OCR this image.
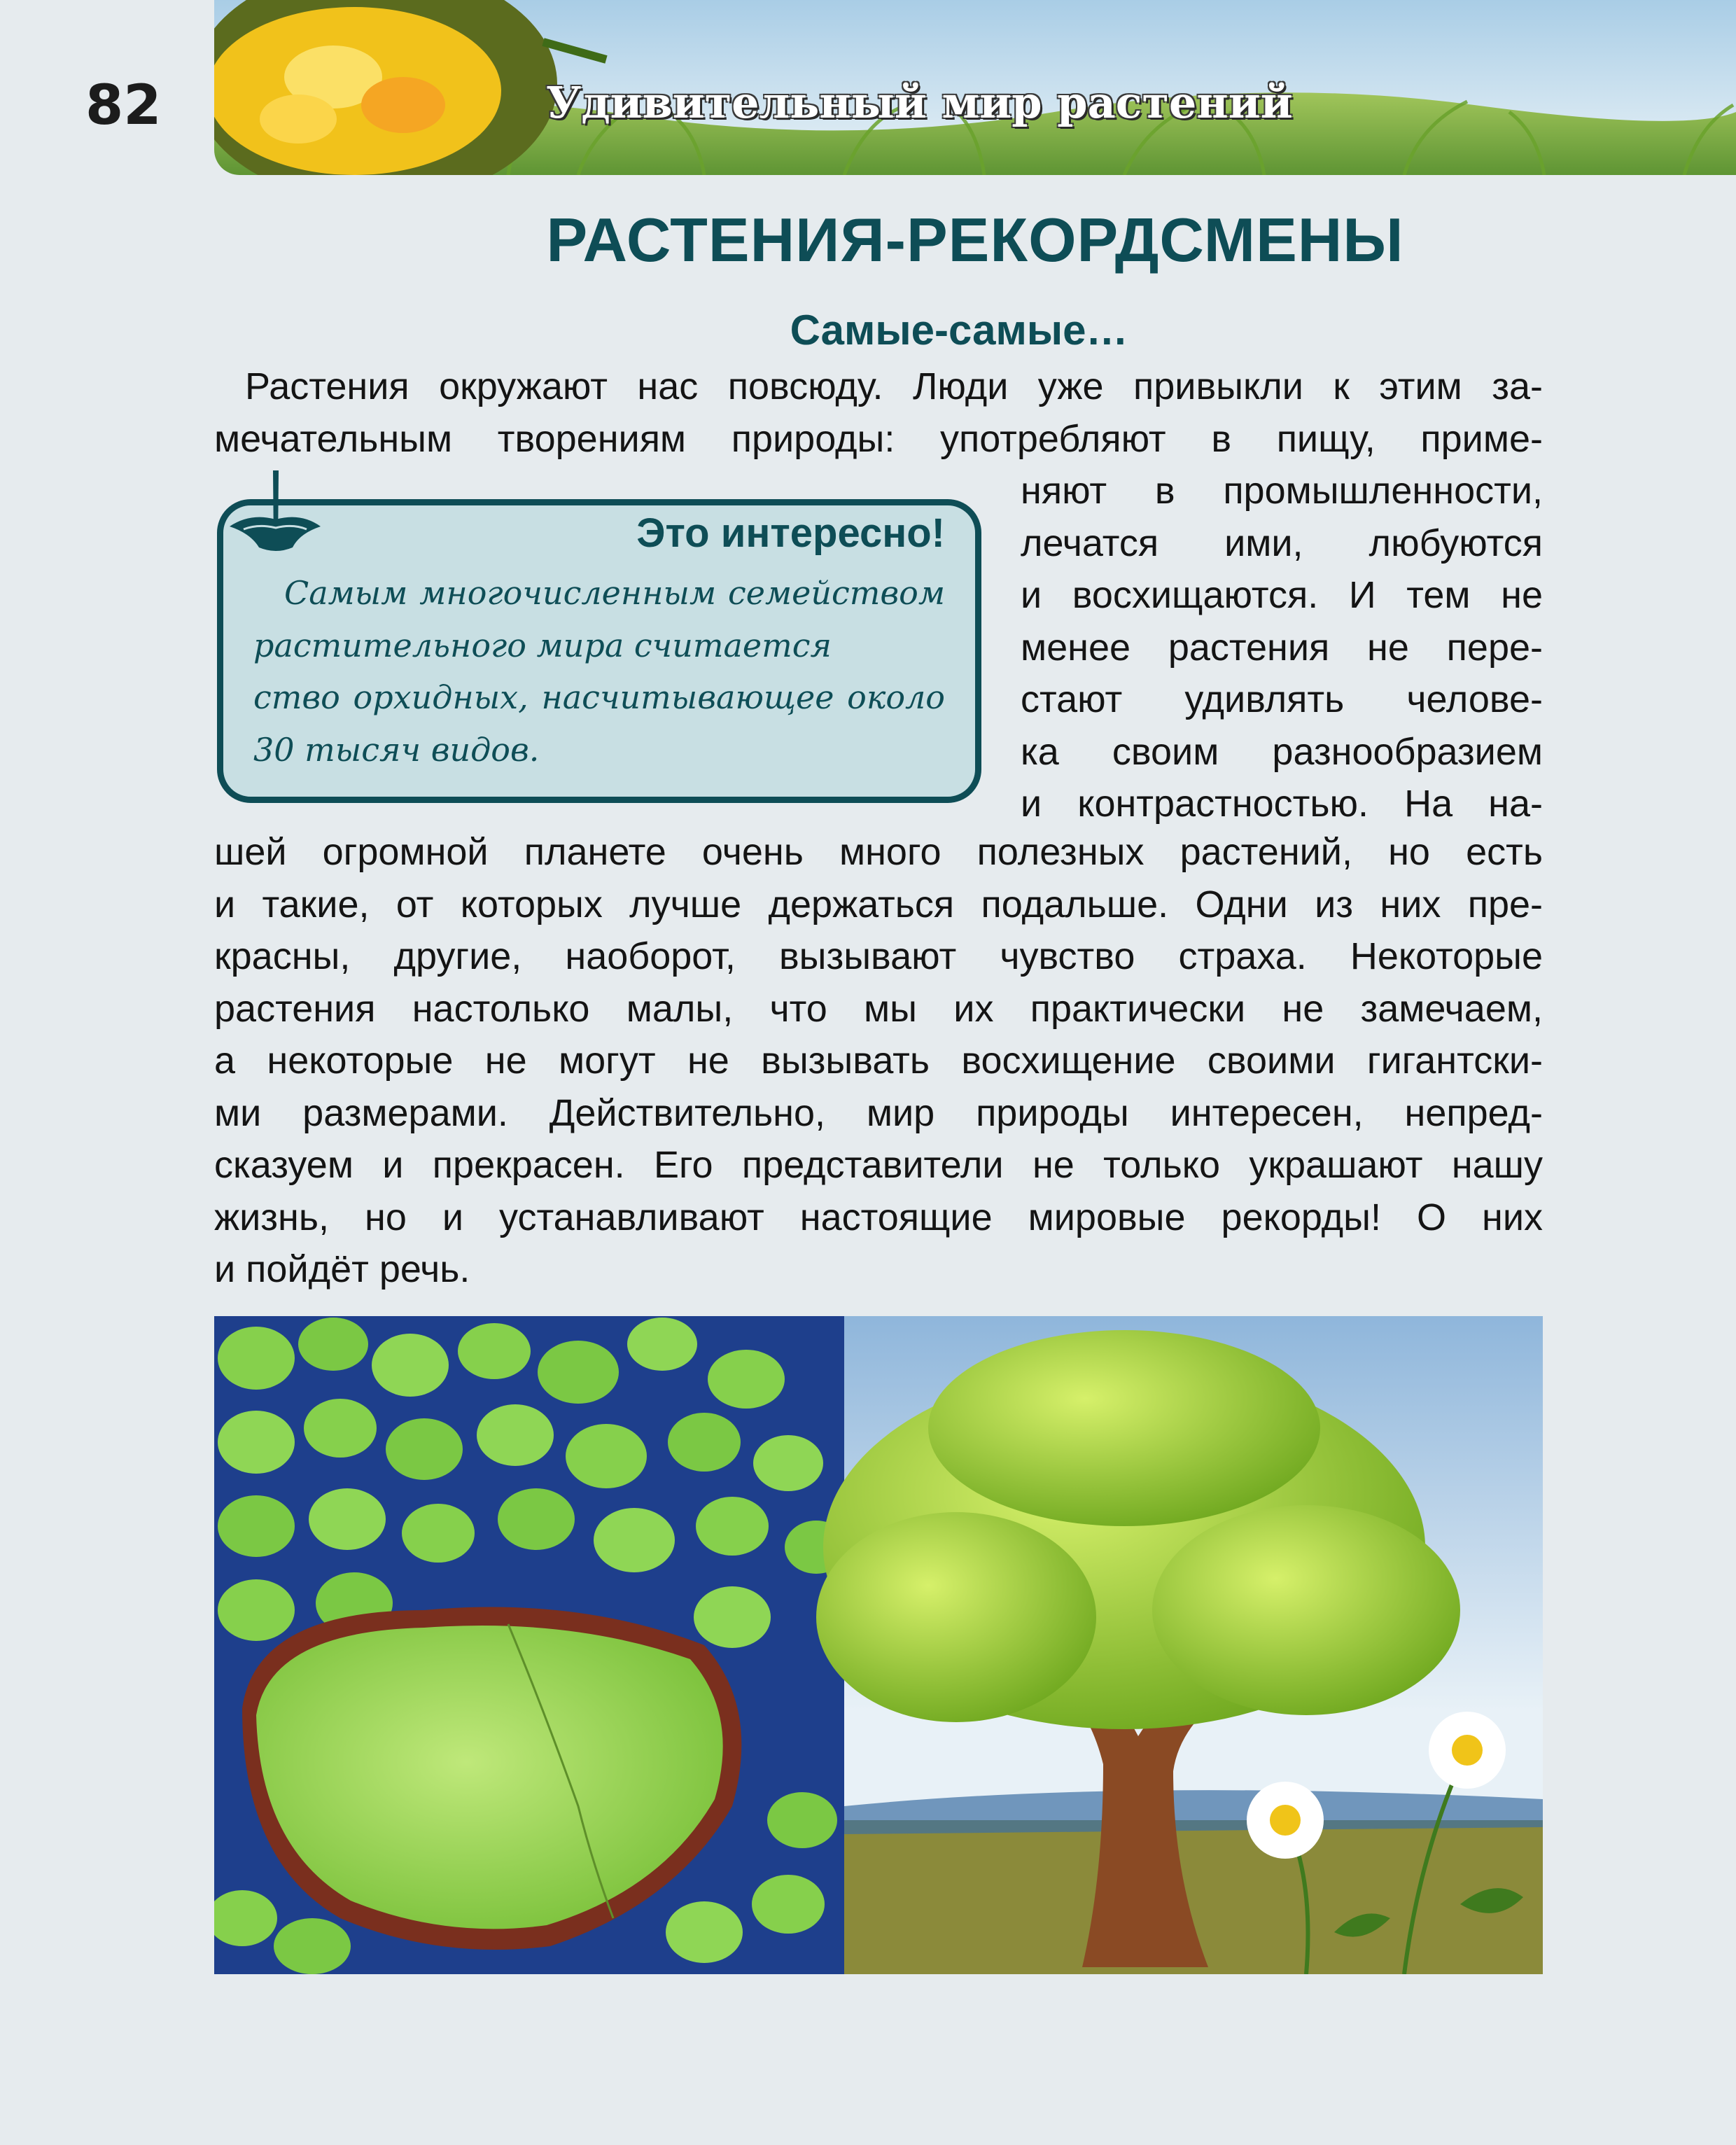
82	Удивительный мир растений
РАСТЕНИЯ-РЕКОРДСМЕНЫ
Самые-самые…
Растения окружают нас повсюду. Люди уже привыкли к этим за-
мечательным творениям природы: употребляют в пищу, приме-
няют в промышленности,
лечатся ими, любуются
и восхищаются. И тем не
менее растения не пере-
стают удивлять челове-
ка своим разнообразием
и контрастностью. На на-
Это интересно!
Самым многочисленным семейством
растительного мира считается
ство орхидных, насчитывающее около
30 тысяч видов.
шей огромной планете очень много полезных растений, но есть
и такие, от которых лучше держаться подальше. Одни из них пре-
красны, другие, наоборот, вызывают чувство страха. Некоторые
растения настолько малы, что мы их практически не замечаем,
а некоторые не могут не вызывать восхищение своими гигантски-
ми размерами. Действительно, мир природы интересен, непред-
сказуем и прекрасен. Его представители не только украшают нашу
жизнь, но и устанавливают настоящие мировые рекорды! О них
и пойдёт речь.
